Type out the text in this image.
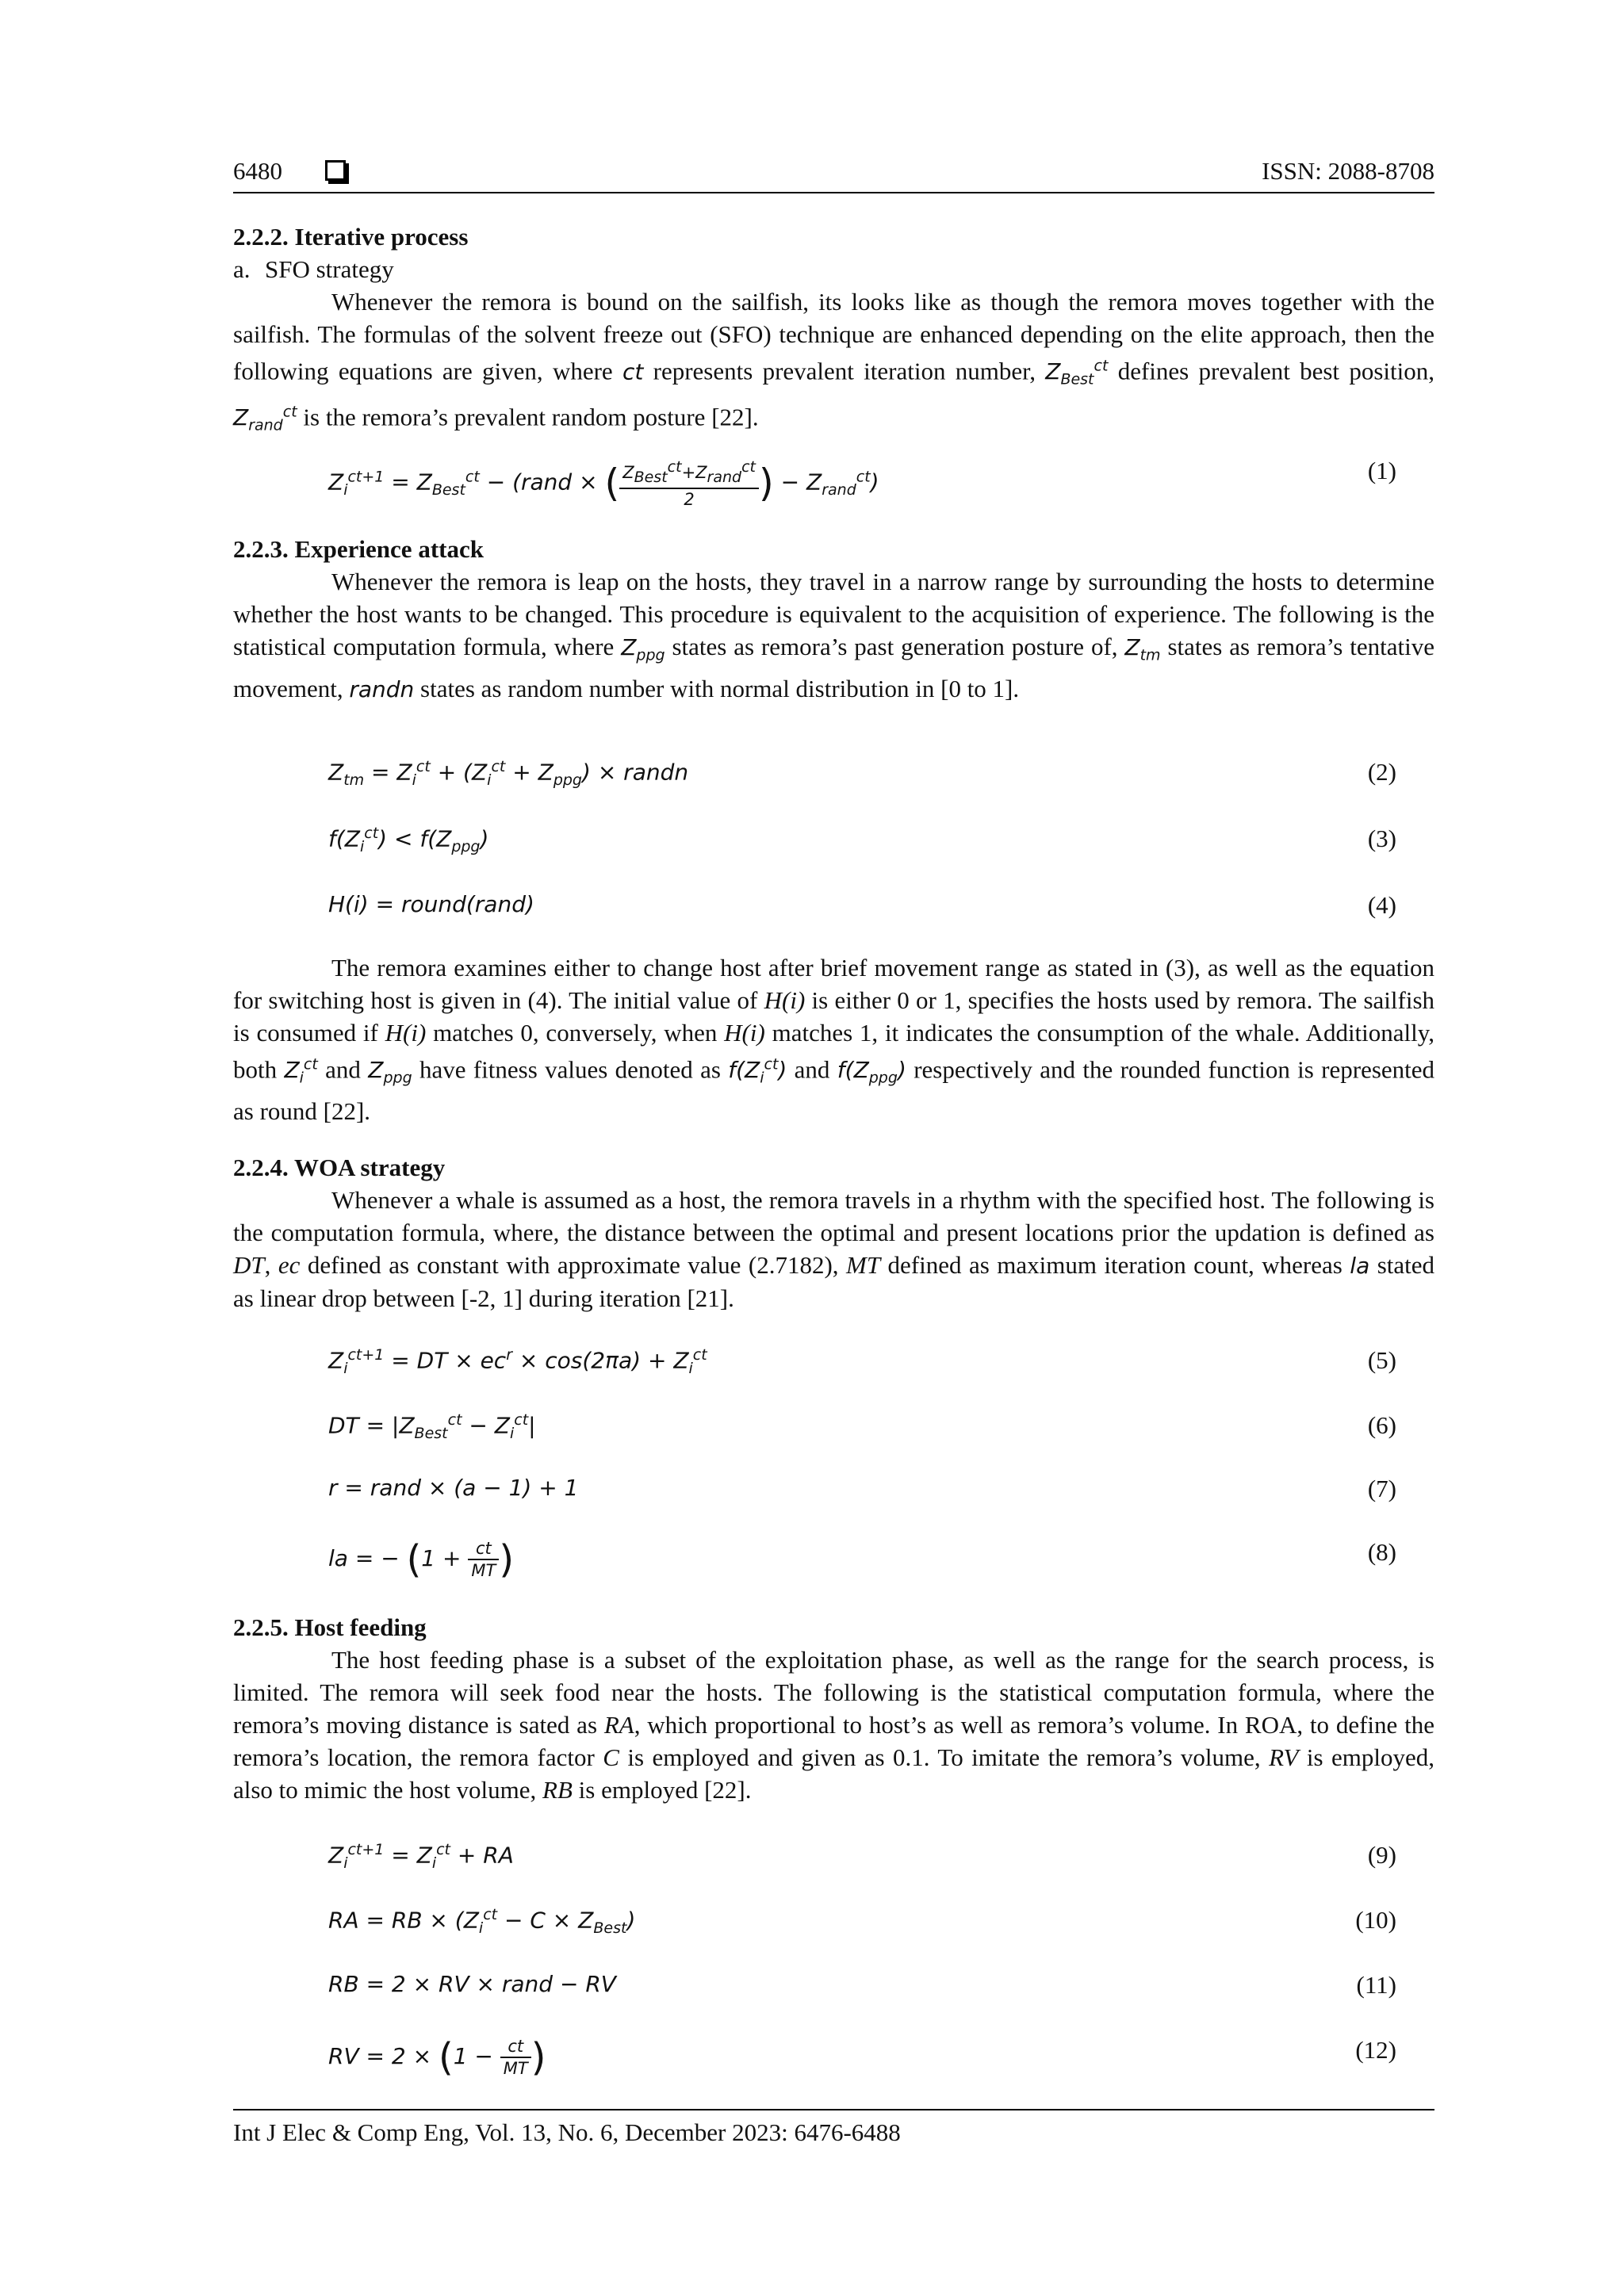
6480	ISSN: 2088-8708
2.2.2. Iterative process
a. SFO strategy

Whenever the remora is bound on the sailfish, its looks like as though the remora moves together with the sailfish. The formulas of the solvent freeze out (SFO) technique are enhanced depending on the elite approach, then the following equations are given, where ct represents prevalent iteration number, $Z_{Best}^{ct}$ defines prevalent best position, $Z_{rand}^{ct}$ is the remora’s prevalent random posture [22].

$Z_i^{ct+1} = Z_{Best}^{ct}$ − (rand × ( $\frac{Z_{Best}^{ct}+Z_{rand}^{ct}}{2}$ ) − $Z_{rand}^{ct}$)	(1)
2.2.3. Experience attack

Whenever the remora is leap on the hosts, they travel in a narrow range by surrounding the hosts to determine whether the host wants to be changed. This procedure is equivalent to the acquisition of experience. The following is the statistical computation formula, where $Z_{ppg}$ states as remora’s past generation posture of, $Z_{tm}$ states as remora’s tentative movement, randn states as random number with normal distribution in [0 to 1].

$Z_{tm} = Z_i^{ct} + (Z_i^{ct} + Z_{ppg})$ × randn	(2)
$f(Z_i^{ct}) < f(Z_{ppg})$	(3)
H(i) = round(rand)	(4)

The remora examines either to change host after brief movement range as stated in (3), as well as the equation for switching host is given in (4). The initial value of H(i) is either 0 or 1, specifies the hosts used by remora. The sailfish is consumed if H(i) matches 0, conversely, when H(i) matches 1, it indicates the consumption of the whale. Additionally, both $Z_i^{ct}$ and $Z_{ppg}$ have fitness values denoted as $f(Z_i^{ct})$ and $f(Z_{ppg})$ respectively and the rounded function is represented as round [22].

2.2.4. WOA strategy

Whenever a whale is assumed as a host, the remora travels in a rhythm with the specified host. The following is the computation formula, where, the distance between the optimal and present locations prior the updation is defined as DT, ec defined as constant with approximate value (2.7182), MT defined as maximum iteration count, whereas la stated as linear drop between [-2, 1] during iteration [21].

$Z_i^{ct+1}$ = DT × $ec^r \times \cos(2\pi a) + Z_i^{ct}$	(5)
DT = $|Z_{Best}^{ct} - Z_i^{ct}|$	(6)
r = rand × (a − 1) + 1	(7)
la = − ($1 + \frac{ct}{MT}$ )	(8)
2.2.5. Host feeding

The host feeding phase is a subset of the exploitation phase, as well as the range for the search process, is limited. The remora will seek food near the hosts. The following is the statistical computation formula, where the remora’s moving distance is sated as RA, which proportional to host’s as well as remora’s volume. In ROA, to define the remora’s location, the remora factor C is employed and given as 0.1. To imitate the remora’s volume, RV is employed, also to mimic the host volume, RB is employed [22].

$Z_i^{ct+1} = Z_i^{ct}$ + RA	(9)
RA = RB × $(Z_i^{ct} - C \times Z_{Best})$	(10)
RB = 2 × RV × rand − RV	(11)
RV = $2 \times (1 - \frac{ct}{MT}$ )	(12)
Int J Elec & Comp Eng, Vol. 13, No. 6, December 2023: 6476-6488
